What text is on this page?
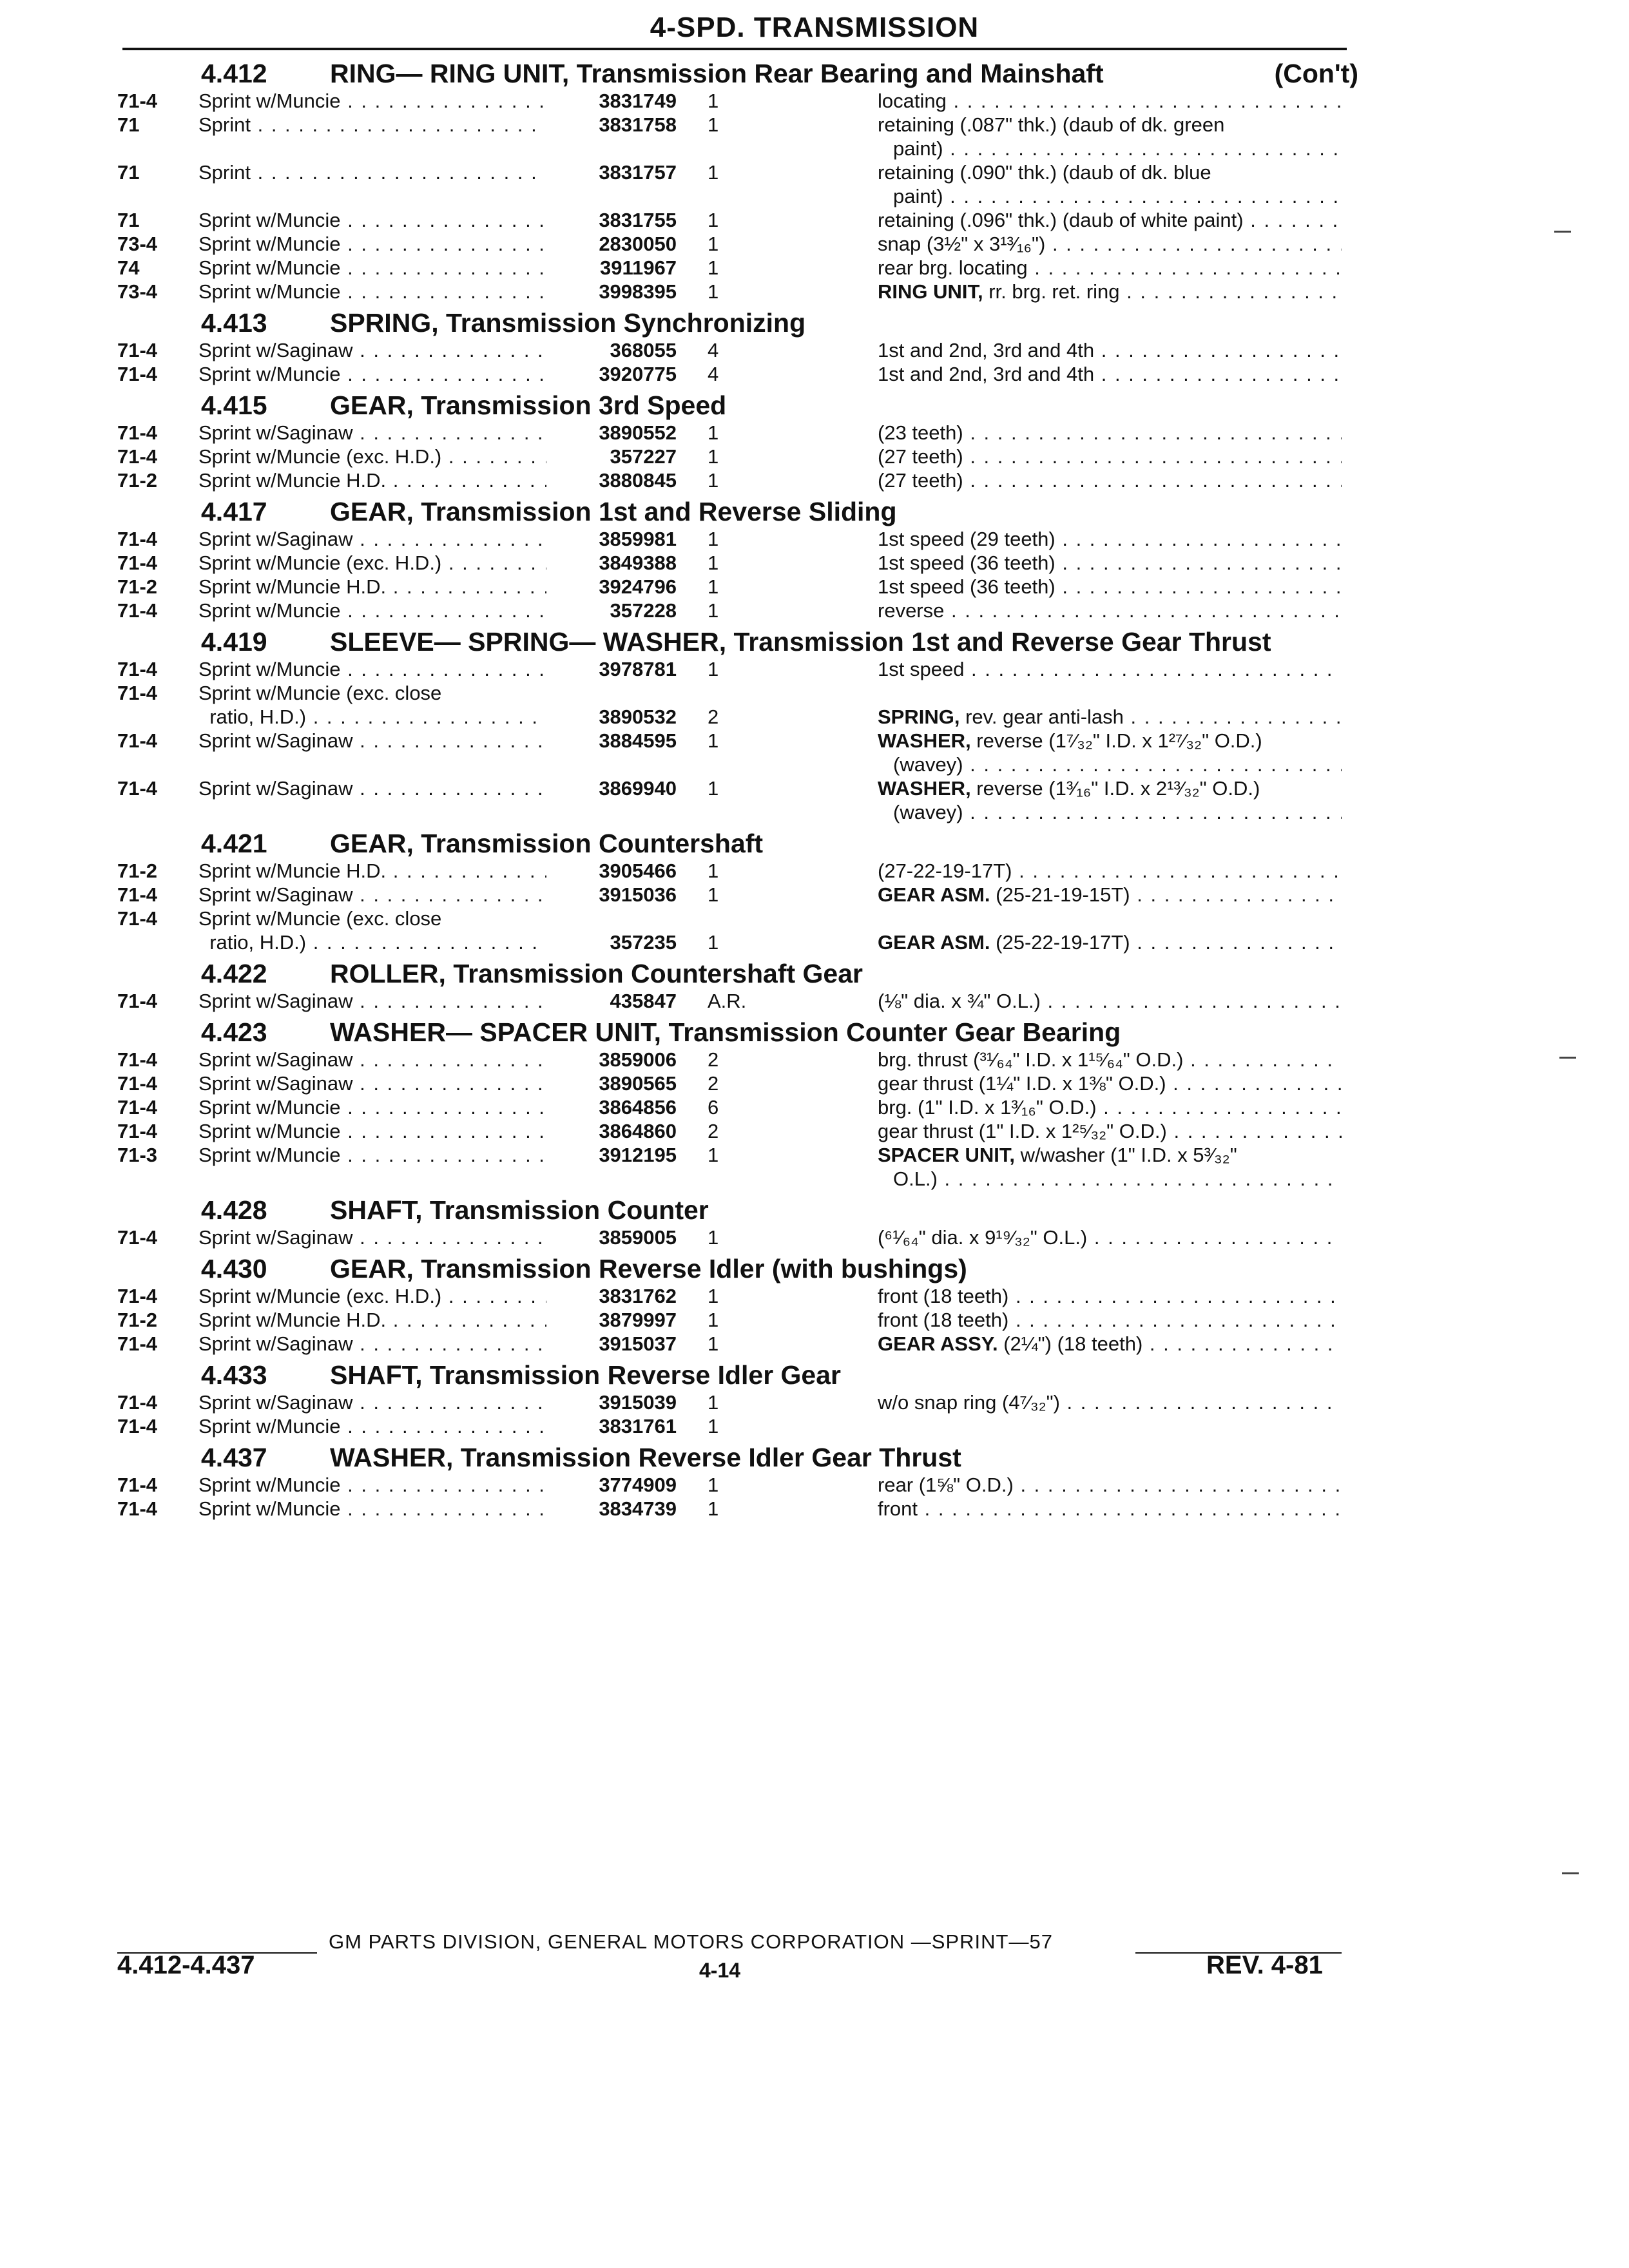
4-SPD. TRANSMISSION
4.412 RING— RING UNIT, Transmission Rear Bearing and Mainshaft	(Con't)
71-4	Sprint w/Muncie . . .	3831749 1	locating . . .
71	Sprint . . .	3831758 1	retaining (.087" thk.) (daub of dk. green
paint) . . .
71	Sprint . . .	3831757 1	retaining (.090" thk.) (daub of dk. blue
paint) . . .
71	Sprint w/Muncie . . .	3831755 1	retaining (.096" thk.) (daub of white paint) . . .
73-4	Sprint w/Muncie . . .	2830050 1	snap (3½" x 3¹³⁄₁₆") . . .
74	Sprint w/Muncie . . .	3911967 1	rear brg. locating . . .
73-4	Sprint w/Muncie . . .	3998395 1	RING UNIT, rr. brg. ret. ring . . .
4.413 SPRING, Transmission Synchronizing
71-4	Sprint w/Saginaw . . .	368055 4	1st and 2nd, 3rd and 4th . . .
71-4	Sprint w/Muncie . . .	3920775 4	1st and 2nd, 3rd and 4th . . .
4.415 GEAR, Transmission 3rd Speed
71-4	Sprint w/Saginaw . . .	3890552 1	(23 teeth) . . .
71-4	Sprint w/Muncie (exc. H.D.) . . .	357227 1	(27 teeth) . . .
71-2	Sprint w/Muncie H.D. . . .	3880845 1	(27 teeth) . . .
4.417 GEAR, Transmission 1st and Reverse Sliding
71-4	Sprint w/Saginaw . . .	3859981 1	1st speed (29 teeth) . . .
71-4	Sprint w/Muncie (exc. H.D.) . . .	3849388 1	1st speed (36 teeth) . . .
71-2	Sprint w/Muncie H.D. . . .	3924796 1	1st speed (36 teeth) . . .
71-4	Sprint w/Muncie . . .	357228 1	reverse . . .
4.419 SLEEVE— SPRING— WASHER, Transmission 1st and Reverse Gear Thrust
71-4	Sprint w/Muncie . . .	3978781 1	1st speed . . .
71-4	Sprint w/Muncie (exc. close
ratio, H.D.) . . .	3890532 2	SPRING, rev. gear anti-lash . . .
71-4	Sprint w/Saginaw . . .	3884595 1	WASHER, reverse (1⁷⁄₃₂" I.D. x 1²⁷⁄₃₂" O.D.)
(wavey) . . .
71-4	Sprint w/Saginaw . . .	3869940 1	WASHER, reverse (1³⁄₁₆" I.D. x 2¹³⁄₃₂" O.D.)
(wavey) . . .
4.421 GEAR, Transmission Countershaft
71-2	Sprint w/Muncie H.D. . . .	3905466 1	(27-22-19-17T) . . .
71-4	Sprint w/Saginaw . . .	3915036 1	GEAR ASM. (25-21-19-15T) . . .
71-4	Sprint w/Muncie (exc. close
ratio, H.D.) . . .	357235 1	GEAR ASM. (25-22-19-17T) . . .
4.422 ROLLER, Transmission Countershaft Gear
71-4	Sprint w/Saginaw . . .	435847 A.R.	(⅛" dia. x ¾" O.L.) . . .
4.423 WASHER— SPACER UNIT, Transmission Counter Gear Bearing
71-4	Sprint w/Saginaw . . .	3859006 2	brg. thrust (³¹⁄₆₄" I.D. x 1¹⁵⁄₆₄" O.D.) . . .
71-4	Sprint w/Saginaw . . .	3890565 2	gear thrust (1¼" I.D. x 1⅜" O.D.) . . .
71-4	Sprint w/Muncie . . .	3864856 6	brg. (1" I.D. x 1³⁄₁₆" O.D.) . . .
71-4	Sprint w/Muncie . . .	3864860 2	gear thrust (1" I.D. x 1²⁵⁄₃₂" O.D.) . . .
71-3	Sprint w/Muncie . . .	3912195 1	SPACER UNIT, w/washer (1" I.D. x 5³⁄₃₂"
O.L.) . . .
4.428 SHAFT, Transmission Counter
71-4	Sprint w/Saginaw . . .	3859005 1	(⁶¹⁄₆₄" dia. x 9¹⁹⁄₃₂" O.L.) . . .
4.430 GEAR, Transmission Reverse Idler (with bushings)
71-4	Sprint w/Muncie (exc. H.D.) . . .	3831762 1	front (18 teeth) . . .
71-2	Sprint w/Muncie H.D. . . .	3879997 1	front (18 teeth) . . .
71-4	Sprint w/Saginaw . . .	3915037 1	GEAR ASSY. (2¼") (18 teeth) . . .
4.433 SHAFT, Transmission Reverse Idler Gear
71-4	Sprint w/Saginaw . . .	3915039 1	w/o snap ring (4⁷⁄₃₂") . . .
71-4	Sprint w/Muncie . . .	3831761 1
4.437 WASHER, Transmission Reverse Idler Gear Thrust
71-4	Sprint w/Muncie . . .	3774909 1	rear (1⅝" O.D.) . . .
71-4	Sprint w/Muncie . . .	3834739 1	front . . .
GM PARTS DIVISION, GENERAL MOTORS CORPORATION —SPRINT—57
4.412-4.437	4-14	REV. 4-81
